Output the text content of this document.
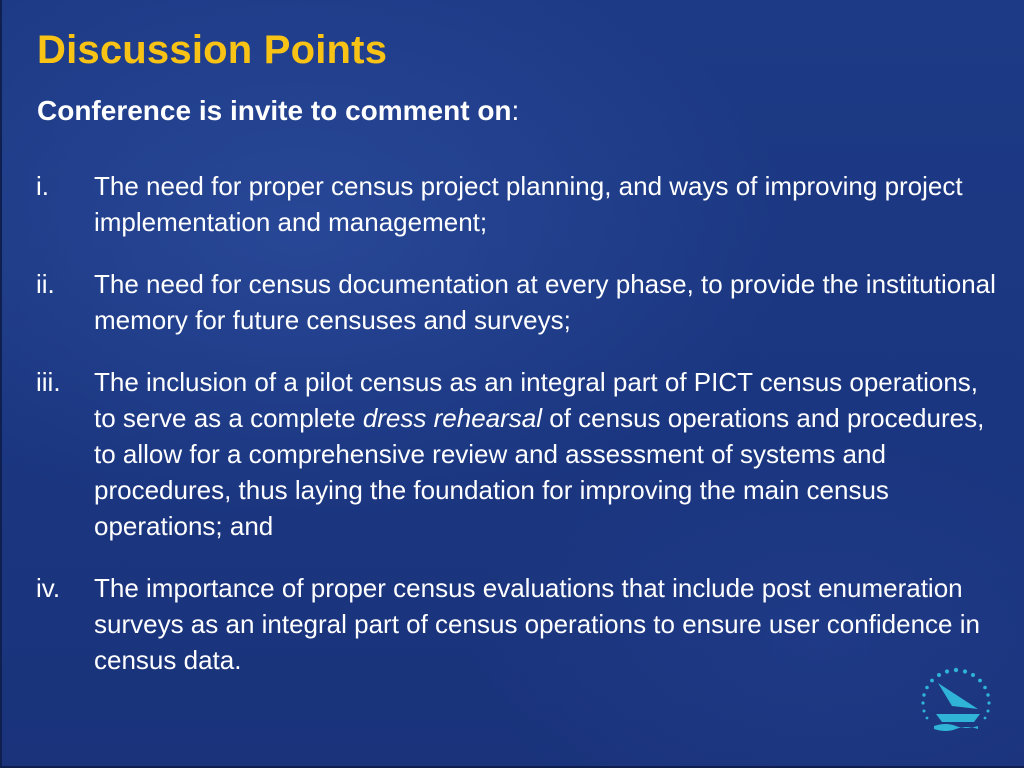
Discussion Points

Conference is invite to comment on:

i.	The need for proper census project planning, and ways of improving project implementation and management;
ii.	The need for census documentation at every phase, to provide the institutional memory for future censuses and surveys;
iii.	The inclusion of a pilot census as an integral part of PICT census operations, to serve as a complete dress rehearsal of census operations and procedures, to allow for a comprehensive review and assessment of systems and procedures, thus laying the foundation for improving the main census operations; and
iv.	The importance of proper census evaluations that include post enumeration surveys as an integral part of census operations to ensure user confidence in census data.
